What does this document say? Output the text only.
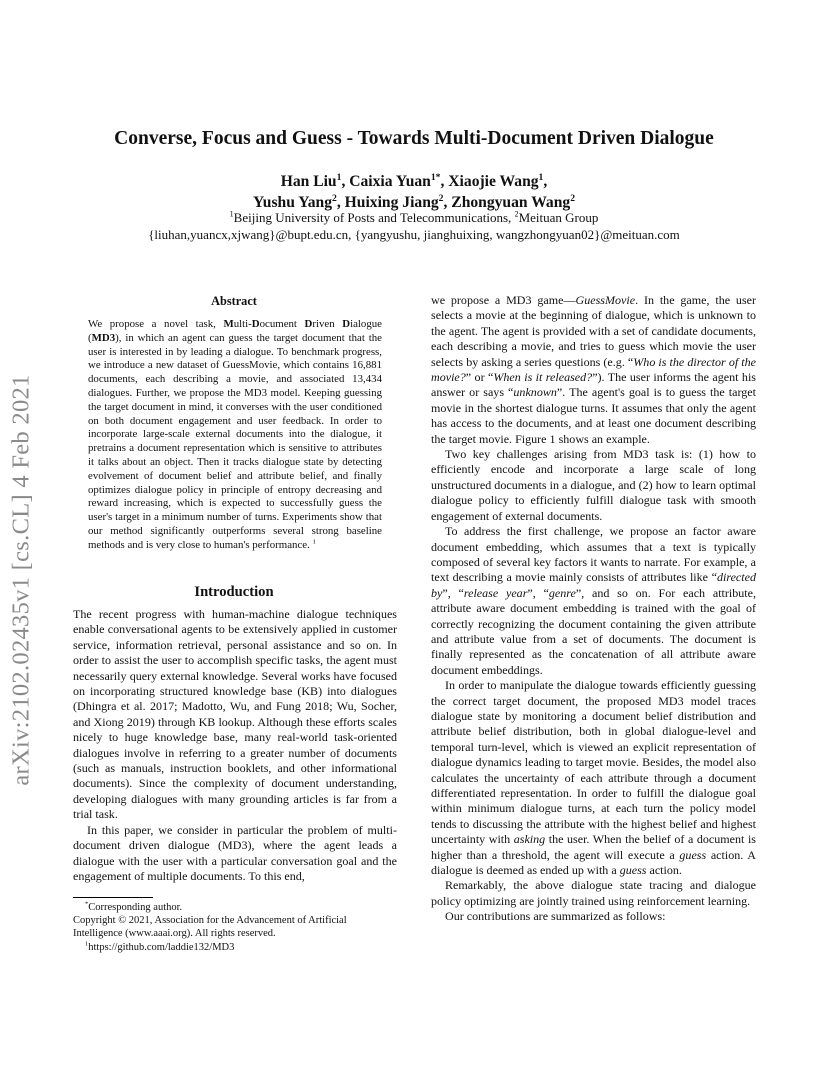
arXiv:2102.02435v1 [cs.CL] 4 Feb 2021
Converse, Focus and Guess - Towards Multi-Document Driven Dialogue
Han Liu$^1$, Caixia Yuan$^{1*}$, Xiaojie Wang$^1$,
Yushu Yang$^2$, Huixing Jiang$^2$, Zhongyuan Wang$^2$
$^1$Beijing University of Posts and Telecommunications, $^2$Meituan Group
{liuhan,yuancx,xjwang}@bupt.edu.cn, {yangyushu, jianghuixing, wangzhongyuan02}@meituan.com
Abstract
We propose a novel task, Multi-Document Driven Dialogue (MD3), in which an agent can guess the target document that the user is interested in by leading a dialogue. To benchmark progress, we introduce a new dataset of GuessMovie, which contains 16,881 documents, each describing a movie, and associated 13,434 dialogues. Further, we propose the MD3 model. Keeping guessing the target document in mind, it converses with the user conditioned on both document engagement and user feedback. In order to incorporate large-scale external documents into the dialogue, it pretrains a document representation which is sensitive to attributes it talks about an object. Then it tracks dialogue state by detecting evolvement of document belief and attribute belief, and finally optimizes dialogue policy in principle of entropy decreasing and reward increasing, which is expected to successfully guess the user's target in a minimum number of turns. Experiments show that our method significantly outperforms several strong baseline methods and is very close to human's performance. $^1$
Introduction

The recent progress with human-machine dialogue techniques enable conversational agents to be extensively applied in customer service, information retrieval, personal assistance and so on. In order to assist the user to accomplish specific tasks, the agent must necessarily query external knowledge. Several works have focused on incorporating structured knowledge base (KB) into dialogues (Dhingra et al. 2017; Madotto, Wu, and Fung 2018; Wu, Socher, and Xiong 2019) through KB lookup. Although these efforts scales nicely to huge knowledge base, many real-world task-oriented dialogues involve in referring to a greater number of documents (such as manuals, instruction booklets, and other informational documents). Since the complexity of document understanding, developing dialogues with many grounding articles is far from a trial task.

In this paper, we consider in particular the problem of multi-document driven dialogue (MD3), where the agent leads a dialogue with the user with a particular conversation goal and the engagement of multiple documents. To this end,

we propose a MD3 game—GuessMovie. In the game, the user selects a movie at the beginning of dialogue, which is unknown to the agent. The agent is provided with a set of candidate documents, each describing a movie, and tries to guess which movie the user selects by asking a series questions (e.g. “Who is the director of the movie?” or “When is it released?”). The user informs the agent his answer or says “unknown”. The agent's goal is to guess the target movie in the shortest dialogue turns. It assumes that only the agent has access to the documents, and at least one document describing the target movie. Figure 1 shows an example.

Two key challenges arising from MD3 task is: (1) how to efficiently encode and incorporate a large scale of long unstructured documents in a dialogue, and (2) how to learn optimal dialogue policy to efficiently fulfill dialogue task with smooth engagement of external documents.

To address the first challenge, we propose an factor aware document embedding, which assumes that a text is typically composed of several key factors it wants to narrate. For example, a text describing a movie mainly consists of attributes like “directed by”, “release year”, “genre”, and so on. For each attribute, attribute aware document embedding is trained with the goal of correctly recognizing the document containing the given attribute and attribute value from a set of documents. The document is finally represented as the concatenation of all attribute aware document embeddings.

In order to manipulate the dialogue towards efficiently guessing the correct target document, the proposed MD3 model traces dialogue state by monitoring a document belief distribution and attribute belief distribution, both in global dialogue-level and temporal turn-level, which is viewed an explicit representation of dialogue dynamics leading to target movie. Besides, the model also calculates the uncertainty of each attribute through a document differentiated representation. In order to fulfill the dialogue goal within minimum dialogue turns, at each turn the policy model tends to discussing the attribute with the highest belief and highest uncertainty with asking the user. When the belief of a document is higher than a threshold, the agent will execute a guess action. A dialogue is deemed as ended up with a guess action.

Remarkably, the above dialogue state tracing and dialogue policy optimizing are jointly trained using reinforcement learning.

Our contributions are summarized as follows:

*Corresponding author.
Copyright © 2021, Association for the Advancement of Artificial Intelligence (www.aaai.org). All rights reserved.
$^1$https://github.com/laddie132/MD3
